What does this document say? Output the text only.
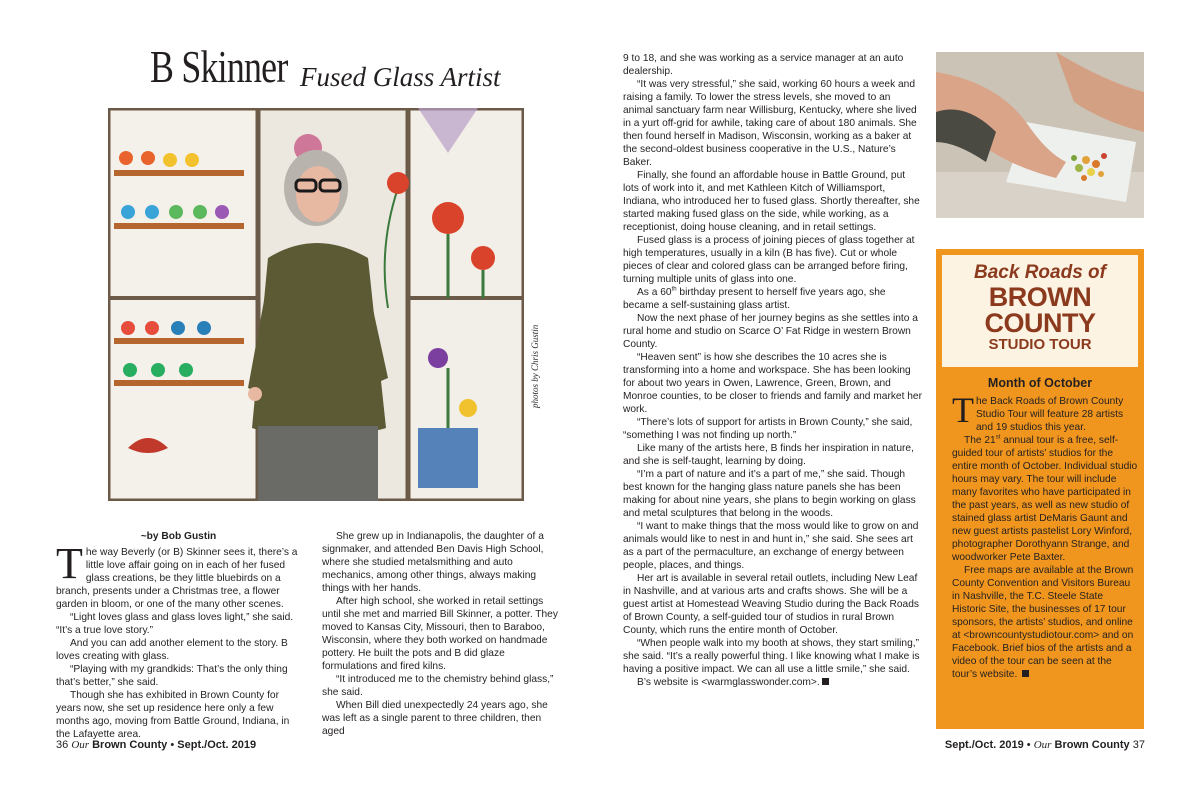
B Skinner Fused Glass Artist
photos by Chris Gustin

~by Bob Gustin

The way Beverly (or B) Skinner sees it, there’s a little love affair going on in each of her fused glass creations, be they little bluebirds on a branch, presents under a Christmas tree, a flower garden in bloom, or one of the many other scenes.

“Light loves glass and glass loves light,” she said. “It’s a true love story.”

And you can add another element to the story. B loves creating with glass.

“Playing with my grandkids: That’s the only thing that’s better,” she said.

Though she has exhibited in Brown County for years now, she set up residence here only a few months ago, moving from Battle Ground, Indiana, in the Lafayette area.

She grew up in Indianapolis, the daughter of a signmaker, and attended Ben Davis High School, where she studied metalsmithing and auto mechanics, among other things, always making things with her hands.

After high school, she worked in retail settings until she met and married Bill Skinner, a potter. They moved to Kansas City, Missouri, then to Baraboo, Wisconsin, where they both worked on handmade pottery. He built the pots and B did glaze formulations and fired kilns.

“It introduced me to the chemistry behind glass,” she said.

When Bill died unexpectedly 24 years ago, she was left as a single parent to three children, then aged

9 to 18, and she was working as a service manager at an auto dealership.

“It was very stressful,” she said, working 60 hours a week and raising a family. To lower the stress levels, she moved to an animal sanctuary farm near Willisburg, Kentucky, where she lived in a yurt off-grid for awhile, taking care of about 180 animals. She then found herself in Madison, Wisconsin, working as a baker at the second-oldest business cooperative in the U.S., Nature’s Baker.

Finally, she found an affordable house in Battle Ground, put lots of work into it, and met Kathleen Kitch of Williamsport, Indiana, who introduced her to fused glass. Shortly thereafter, she started making fused glass on the side, while working, as a receptionist, doing house cleaning, and in retail settings.

Fused glass is a process of joining pieces of glass together at high temperatures, usually in a kiln (B has five). Cut or whole pieces of clear and colored glass can be arranged before firing, turning multiple units of glass into one.

As a 60th birthday present to herself five years ago, she became a self-sustaining glass artist.

Now the next phase of her journey begins as she settles into a rural home and studio on Scarce O’ Fat Ridge in western Brown County.

“Heaven sent” is how she describes the 10 acres she is transforming into a home and workspace. She has been looking for about two years in Owen, Lawrence, Green, Brown, and Monroe counties, to be closer to friends and family and market her work.

“There’s lots of support for artists in Brown County,” she said, “something I was not finding up north.”

Like many of the artists here, B finds her inspiration in nature, and she is self-taught, learning by doing.

“I’m a part of nature and it’s a part of me,” she said. Though best known for the hanging glass nature panels she has been making for about nine years, she plans to begin working on glass and metal sculptures that belong in the woods.

“I want to make things that the moss would like to grow on and animals would like to nest in and hunt in,” she said. She sees art as a part of the permaculture, an exchange of energy between people, places, and things.

Her art is available in several retail outlets, including New Leaf in Nashville, and at various arts and crafts shows. She will be a guest artist at Homestead Weaving Studio during the Back Roads of Brown County, a self-guided tour of studios in rural Brown County, which runs the entire month of October.

“When people walk into my booth at shows, they start smiling,” she said. “It’s a really powerful thing. I like knowing what I make is having a positive impact. We can all use a little smile,” she said.

B’s website is <warmglasswonder.com>.

Back Roads of
BROWN
COUNTY
STUDIO TOUR
Month of October

The Back Roads of Brown County Studio Tour will feature 28 artists and 19 studios this year.

The 21st annual tour is a free, self-guided tour of artists’ studios for the entire month of October. Individual studio hours may vary. The tour will include many favorites who have participated in the past years, as well as new studio of stained glass artist DeMaris Gaunt and new guest artists pastelist Lory Winford, photographer Dorothyann Strange, and woodworker Pete Baxter.

Free maps are available at the Brown County Convention and Visitors Bureau in Nashville, the T.C. Steele State Historic Site, the businesses of 17 tour sponsors, the artists’ studios, and online at <browncountystudiotour.com> and on Facebook. Brief bios of the artists and a video of the tour can be seen at the tour’s website.

36 Our Brown County • Sept./Oct. 2019	Sept./Oct. 2019 • Our Brown County 37
